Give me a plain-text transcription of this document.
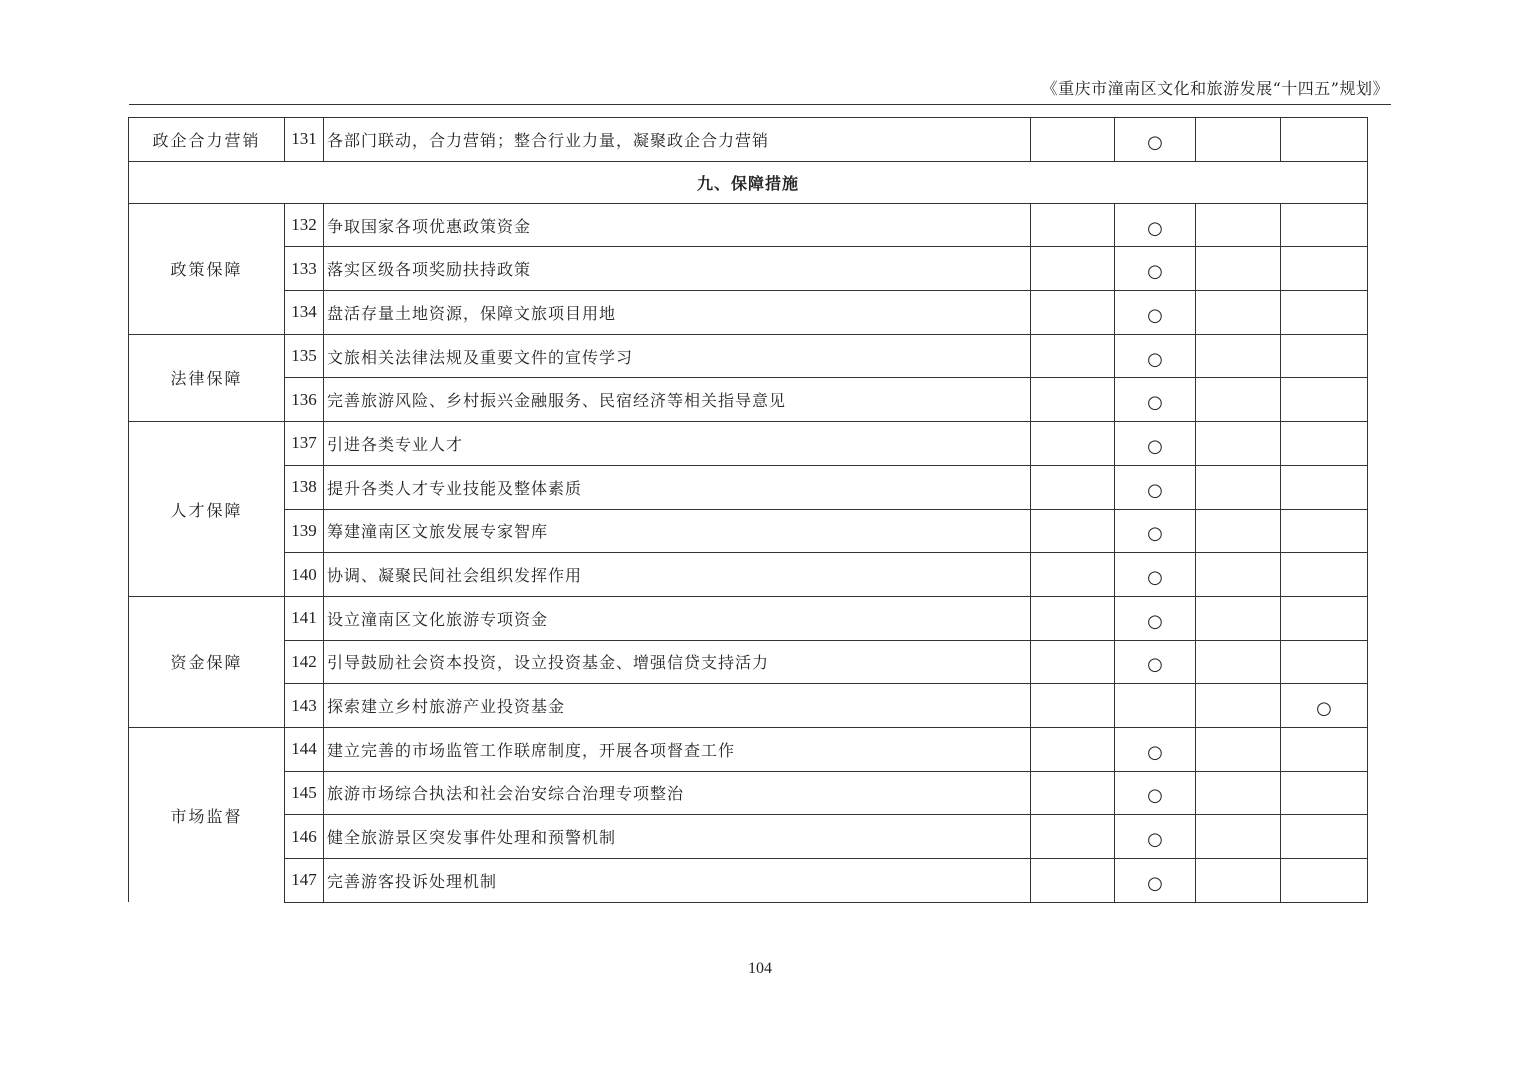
《重庆市潼南区文化和旅游发展“十四五”规划》
政企合力营销	131	各部门联动，合力营销；整合行业力量，凝聚政企合力营销		○		
九、保障措施						
政策保障	132	争取国家各项优惠政策资金		○		
	133	落实区级各项奖励扶持政策		○		
	134	盘活存量土地资源，保障文旅项目用地		○		
法律保障	135	文旅相关法律法规及重要文件的宣传学习		○		
	136	完善旅游风险、乡村振兴金融服务、民宿经济等相关指导意见		○		
人才保障	137	引进各类专业人才		○		
	138	提升各类人才专业技能及整体素质		○		
	139	筹建潼南区文旅发展专家智库		○		
	140	协调、凝聚民间社会组织发挥作用		○		
资金保障	141	设立潼南区文化旅游专项资金		○		
	142	引导鼓励社会资本投资，设立投资基金、增强信贷支持活力		○		
	143	探索建立乡村旅游产业投资基金				○
市场监督	144	建立完善的市场监管工作联席制度，开展各项督查工作		○		
	145	旅游市场综合执法和社会治安综合治理专项整治		○		
	146	健全旅游景区突发事件处理和预警机制		○		
	147	完善游客投诉处理机制		○		
104
